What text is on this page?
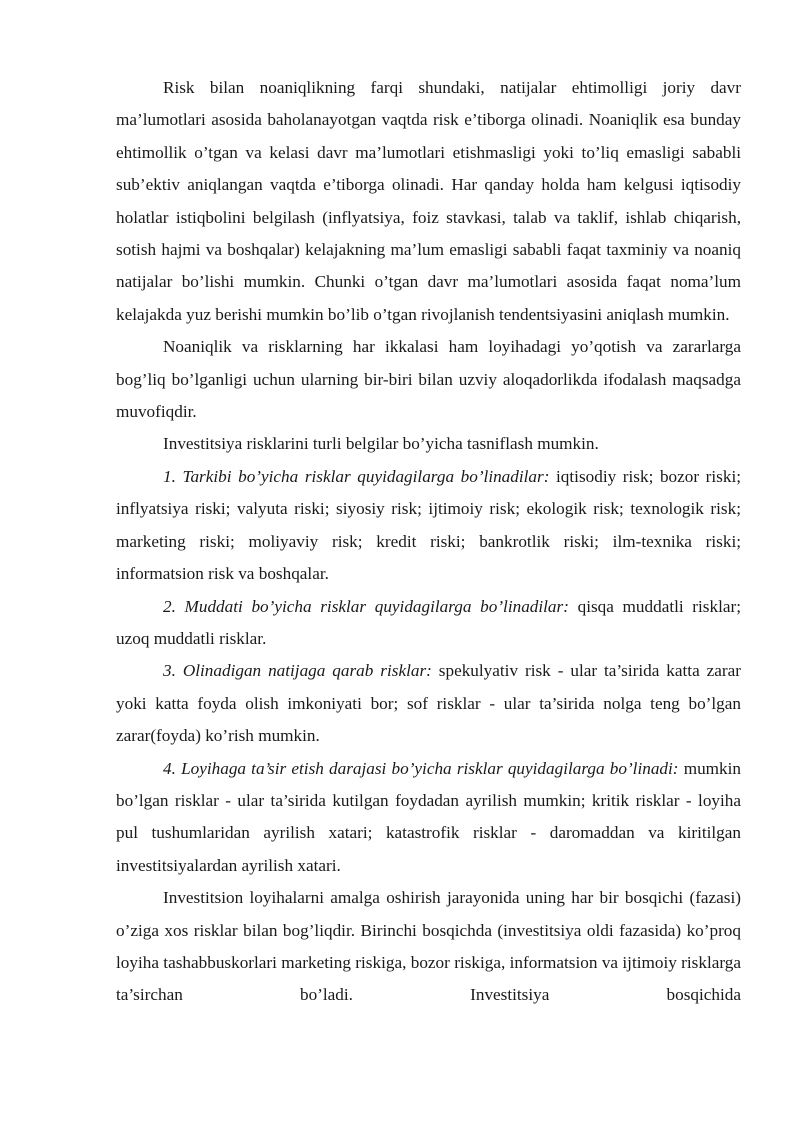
Risk bilan noaniqlikning farqi shundaki, natijalar ehtimolligi joriy davr ma’lumotlari asosida baholanayotgan vaqtda risk e’tiborga olinadi. Noaniqlik esa bunday ehtimollik o’tgan va kelasi davr ma’lumotlari etishmasligi yoki to’liq emasligi sababli sub’ektiv aniqlangan vaqtda e’tiborga olinadi. Har qanday holda ham kelgusi iqtisodiy holatlar istiqbolini belgilash (inflyatsiya, foiz stavkasi, talab va taklif, ishlab chiqarish, sotish hajmi va boshqalar) kelajakning ma’lum emasligi sababli faqat taxminiy va noaniq natijalar bo’lishi mumkin. Chunki o’tgan davr ma’lumotlari asosida faqat noma’lum kelajakda yuz berishi mumkin bo’lib o’tgan rivojlanish tendentsiyasini aniqlash mumkin.

Noaniqlik va risklarning har ikkalasi ham loyihadagi yo’qotish va zararlarga bog’liq bo’lganligi uchun ularning bir-biri bilan uzviy aloqadorlikda ifodalash maqsadga muvofiqdir.

Investitsiya risklarini turli belgilar bo’yicha tasniflash mumkin.

1. Tarkibi bo’yicha risklar quyidagilarga bo’linadilar: iqtisodiy risk; bozor riski; inflyatsiya riski; valyuta riski; siyosiy risk; ijtimoiy risk; ekologik risk; texnologik risk; marketing riski; moliyaviy risk; kredit riski; bankrotlik riski; ilm-texnika riski; informatsion risk va boshqalar.

2. Muddati bo’yicha risklar quyidagilarga bo’linadilar: qisqa muddatli risklar; uzoq muddatli risklar.

3. Olinadigan natijaga qarab risklar: spekulyativ risk - ular ta’sirida katta zarar yoki katta foyda olish imkoniyati bor; sof risklar - ular ta’sirida nolga teng bo’lgan zarar(foyda) ko’rish mumkin.

4. Loyihaga ta’sir etish darajasi bo’yicha risklar quyidagilarga bo’linadi: mumkin bo’lgan risklar - ular ta’sirida kutilgan foydadan ayrilish mumkin; kritik risklar - loyiha pul tushumlaridan ayrilish xatari; katastrofik risklar - daromaddan va kiritilgan investitsiyalardan ayrilish xatari.

Investitsion loyihalarni amalga oshirish jarayonida uning har bir bosqichi (fazasi) o’ziga xos risklar bilan bog’liqdir. Birinchi bosqichda (investitsiya oldi fazasida) ko’proq loyiha tashabbuskorlari marketing riskiga, bozor riskiga, informatsion va ijtimoiy risklarga ta’sirchan bo’ladi. Investitsiya bosqichida
